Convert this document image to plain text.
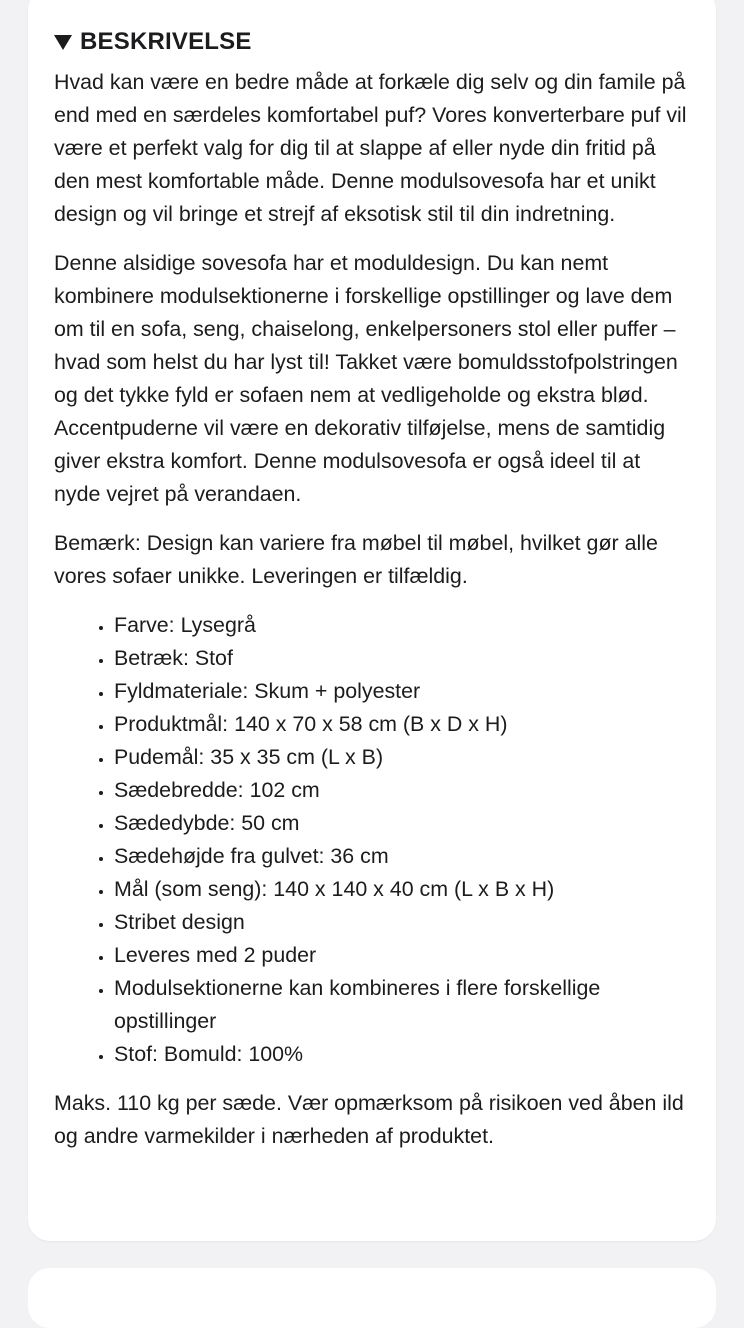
BESKRIVELSE

Hvad kan være en bedre måde at forkæle dig selv og din famile på end med en særdeles komfortabel puf? Vores konverterbare puf vil være et perfekt valg for dig til at slappe af eller nyde din fritid på den mest komfortable måde. Denne modulsovesofa har et unikt design og vil bringe et strejf af eksotisk stil til din indretning.

Denne alsidige sovesofa har et moduldesign. Du kan nemt kombinere modulsektionerne i forskellige opstillinger og lave dem om til en sofa, seng, chaiselong, enkelpersoners stol eller puffer – hvad som helst du har lyst til! Takket være bomuldsstofpolstringen og det tykke fyld er sofaen nem at vedligeholde og ekstra blød. Accentpuderne vil være en dekorativ tilføjelse, mens de samtidig giver ekstra komfort. Denne modulsovesofa er også ideel til at nyde vejret på verandaen.

Bemærk: Design kan variere fra møbel til møbel, hvilket gør alle vores sofaer unikke. Leveringen er tilfældig.

• Farve: Lysegrå
• Betræk: Stof
• Fyldmateriale: Skum + polyester
• Produktmål: 140 x 70 x 58 cm (B x D x H)
• Pudemål: 35 x 35 cm (L x B)
• Sædebredde: 102 cm
• Sædedybde: 50 cm
• Sædehøjde fra gulvet: 36 cm
• Mål (som seng): 140 x 140 x 40 cm (L x B x H)
• Stribet design
• Leveres med 2 puder
• Modulsektionerne kan kombineres i flere forskellige opstillinger
• Stof: Bomuld: 100%

Maks. 110 kg per sæde. Vær opmærksom på risikoen ved åben ild og andre varmekilder i nærheden af produktet.
